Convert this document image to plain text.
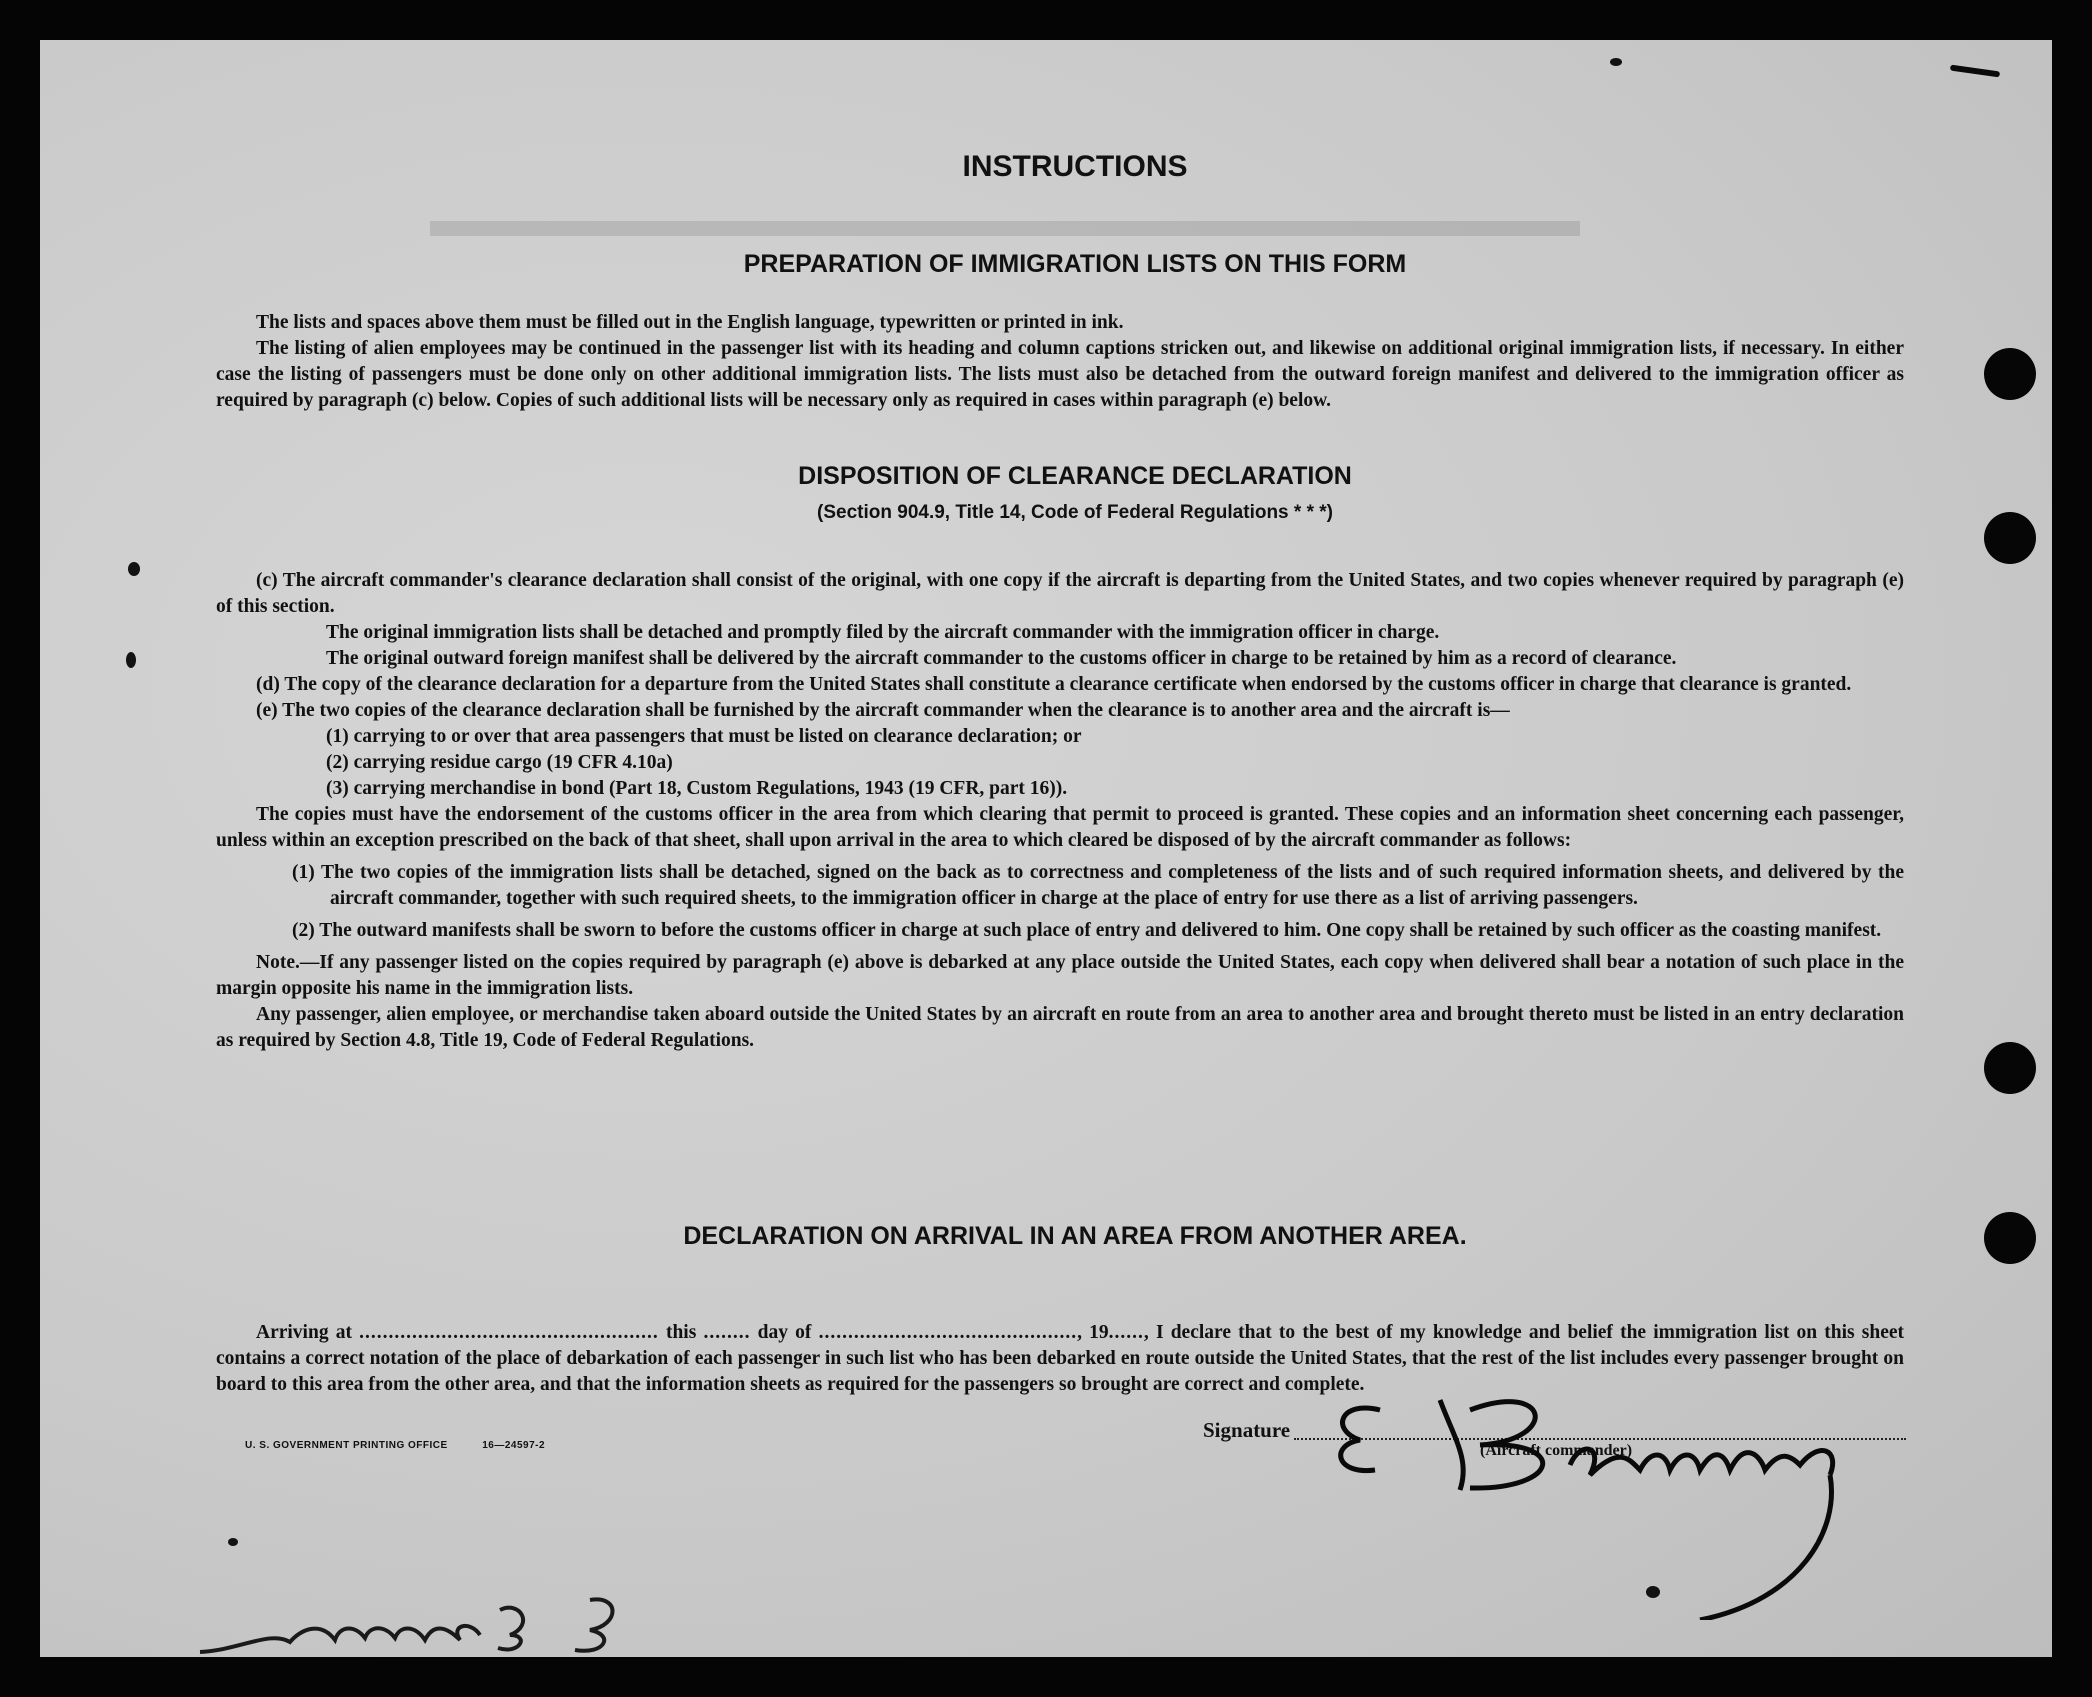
▬▬▬▬▬▬▬▬▬▬▬▬▬▬▬▬▬▬▬▬▬▬▬
INSTRUCTIONS
PREPARATION OF IMMIGRATION LISTS ON THIS FORM

The lists and spaces above them must be filled out in the English language, typewritten or printed in ink.

The listing of alien employees may be continued in the passenger list with its heading and column captions stricken out, and likewise on additional original immigration lists, if necessary. In either case the listing of passengers must be done only on other additional immigration lists. The lists must also be detached from the outward foreign manifest and delivered to the immigration officer as required by paragraph (c) below. Copies of such additional lists will be necessary only as required in cases within paragraph (e) below.

DISPOSITION OF CLEARANCE DECLARATION
(Section 904.9, Title 14, Code of Federal Regulations * * *)

(c) The aircraft commander's clearance declaration shall consist of the original, with one copy if the aircraft is departing from the United States, and two copies whenever required by paragraph (e) of this section.

The original immigration lists shall be detached and promptly filed by the aircraft commander with the immigration officer in charge.

The original outward foreign manifest shall be delivered by the aircraft commander to the customs officer in charge to be retained by him as a record of clearance.

(d) The copy of the clearance declaration for a departure from the United States shall constitute a clearance certificate when endorsed by the customs officer in charge that clearance is granted.

(e) The two copies of the clearance declaration shall be furnished by the aircraft commander when the clearance is to another area and the aircraft is—

(1) carrying to or over that area passengers that must be listed on clearance declaration; or

(2) carrying residue cargo (19 CFR 4.10a)

(3) carrying merchandise in bond (Part 18, Custom Regulations, 1943 (19 CFR, part 16)).

The copies must have the endorsement of the customs officer in the area from which clearing that permit to proceed is granted. These copies and an information sheet concerning each passenger, unless within an exception prescribed on the back of that sheet, shall upon arrival in the area to which cleared be disposed of by the aircraft commander as follows:

(1) The two copies of the immigration lists shall be detached, signed on the back as to correctness and completeness of the lists and of such required information sheets, and delivered by the aircraft commander, together with such required sheets, to the immigration officer in charge at the place of entry for use there as a list of arriving passengers.

(2) The outward manifests shall be sworn to before the customs officer in charge at such place of entry and delivered to him. One copy shall be retained by such officer as the coasting manifest.

Note.—If any passenger listed on the copies required by paragraph (e) above is debarked at any place outside the United States, each copy when delivered shall bear a notation of such place in the margin opposite his name in the immigration lists.

Any passenger, alien employee, or merchandise taken aboard outside the United States by an aircraft en route from an area to another area and brought thereto must be listed in an entry declaration as required by Section 4.8, Title 19, Code of Federal Regulations.

DECLARATION ON ARRIVAL IN AN AREA FROM ANOTHER AREA.

Arriving at ................................................... this ........ day of ............................................, 19......, I declare that to the best of my knowledge and belief the immigration list on this sheet contains a correct notation of the place of debarkation of each passenger in such list who has been debarked en route outside the United States, that the rest of the list includes every passenger brought on board to this area from the other area, and that the information sheets as required for the passengers so brought are correct and complete.

Signature
(Aircraft commander)
U. S. GOVERNMENT PRINTING OFFICE	16—24597-2
